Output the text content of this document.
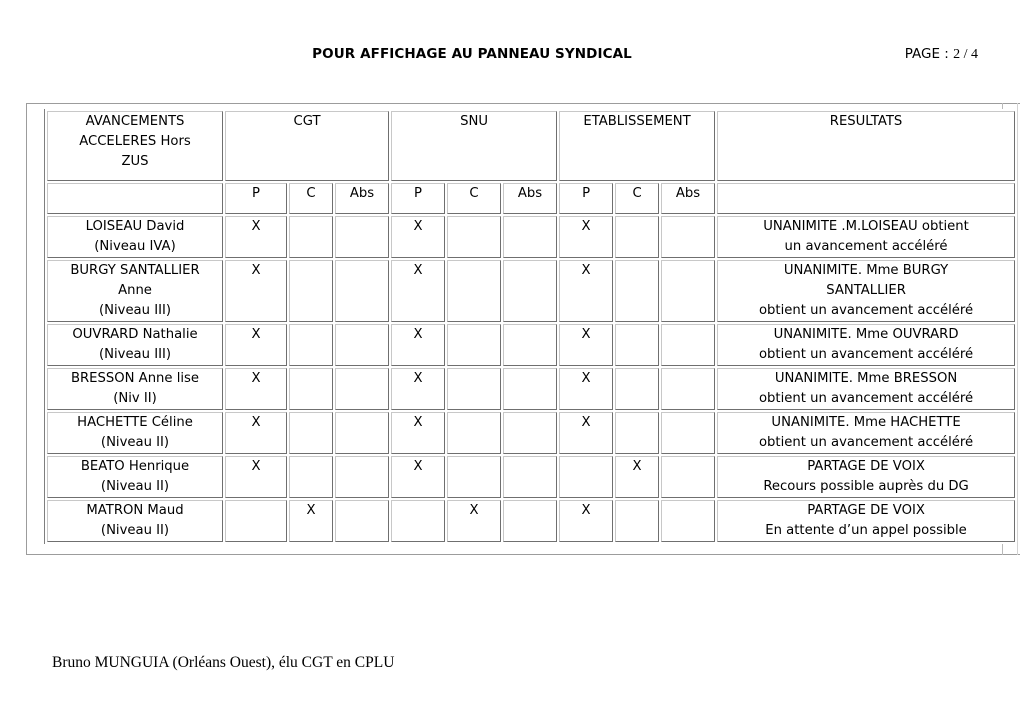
POUR AFFICHAGE AU PANNEAU SYNDICAL	PAGE : 2 / 4
AVANCEMENTS
ACCELERES Hors
ZUS	CGT			SNU			ETABLISSEMENT			RESULTATS
	P	C	Abs	P	C	Abs	P	C	Abs	

LOISEAU David
(Niveau IVA)	X			X			X			UNANIMITE .M.LOISEAU obtient
un avancement accéléré

BURGY SANTALLIER
Anne
(Niveau III)	X			X			X			UNANIMITE. Mme BURGY
SANTALLIER
obtient un avancement accéléré

OUVRARD Nathalie
(Niveau III)	X			X			X			UNANIMITE. Mme OUVRARD
obtient un avancement accéléré

BRESSON Anne lise
(Niv II)	X			X			X			UNANIMITE. Mme BRESSON
obtient un avancement accéléré

HACHETTE Céline
(Niveau II)	X			X			X			UNANIMITE. Mme HACHETTE
obtient un avancement accéléré

BEATO Henrique
(Niveau II)	X			X				X		PARTAGE DE VOIX
Recours possible auprès du DG

MATRON Maud
(Niveau II)		X			X		X			PARTAGE DE VOIX
En attente d’un appel possible
Bruno MUNGUIA (Orléans Ouest), élu CGT en CPLU
